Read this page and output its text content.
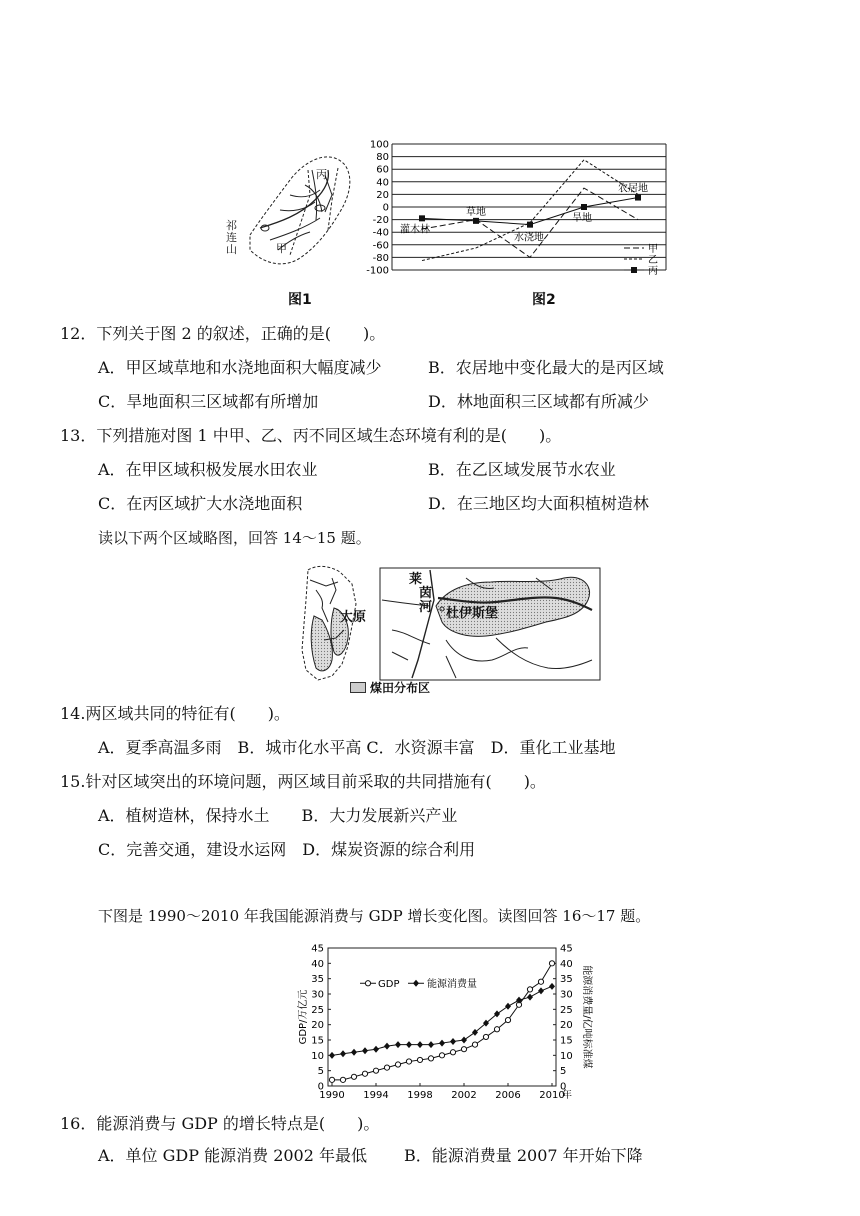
丙
甲
祁
连
山
图1
100
80
60
40
20
0
-20
-40
-60
-80
-100
灌木林
草地
水浇地
旱地
农居地
甲
乙
丙
图2
12．下列关于图 2 的叙述，正确的是(　　)。
A．甲区域草地和水浇地面积大幅度减少	B．农居地中变化最大的是丙区域
C．旱地面积三区域都有所增加	D．林地面积三区域都有所减少
13．下列措施对图 1 中甲、乙、丙不同区域生态环境有利的是(　　)。
A．在甲区域积极发展水田农业	B．在乙区域发展节水农业
C．在丙区域扩大水浇地面积	D．在三地区均大面积植树造林
读以下两个区域略图，回答 14～15 题。
太原
莱
茵
河 杜伊斯堡
煤田分布区
14.两区域共同的特征有(　　)。
A．夏季高温多雨　B．城市化水平高 C．水资源丰富　D．重化工业基地
15.针对区域突出的环境问题，两区域目前采取的共同措施有(　　)。
A．植树造林，保持水土　　B．大力发展新兴产业
C．完善交通，建设水运网　D．煤炭资源的综合利用
下图是 1990～2010 年我国能源消费与 GDP 增长变化图。读图回答 16～17 题。
0	0
5	5
10	10
15	15
20	20
25	25
30	30
35	35
40	40
45	45
1990 1994 1998 2002 2006 2010
年
GDP	能源消费量
GDP/万亿元	能源消费量/亿吨标准煤
16．能源消费与 GDP 的增长特点是(　　)。
A．单位 GDP 能源消费 2002 年最低 B．能源消费量 2007 年开始下降
